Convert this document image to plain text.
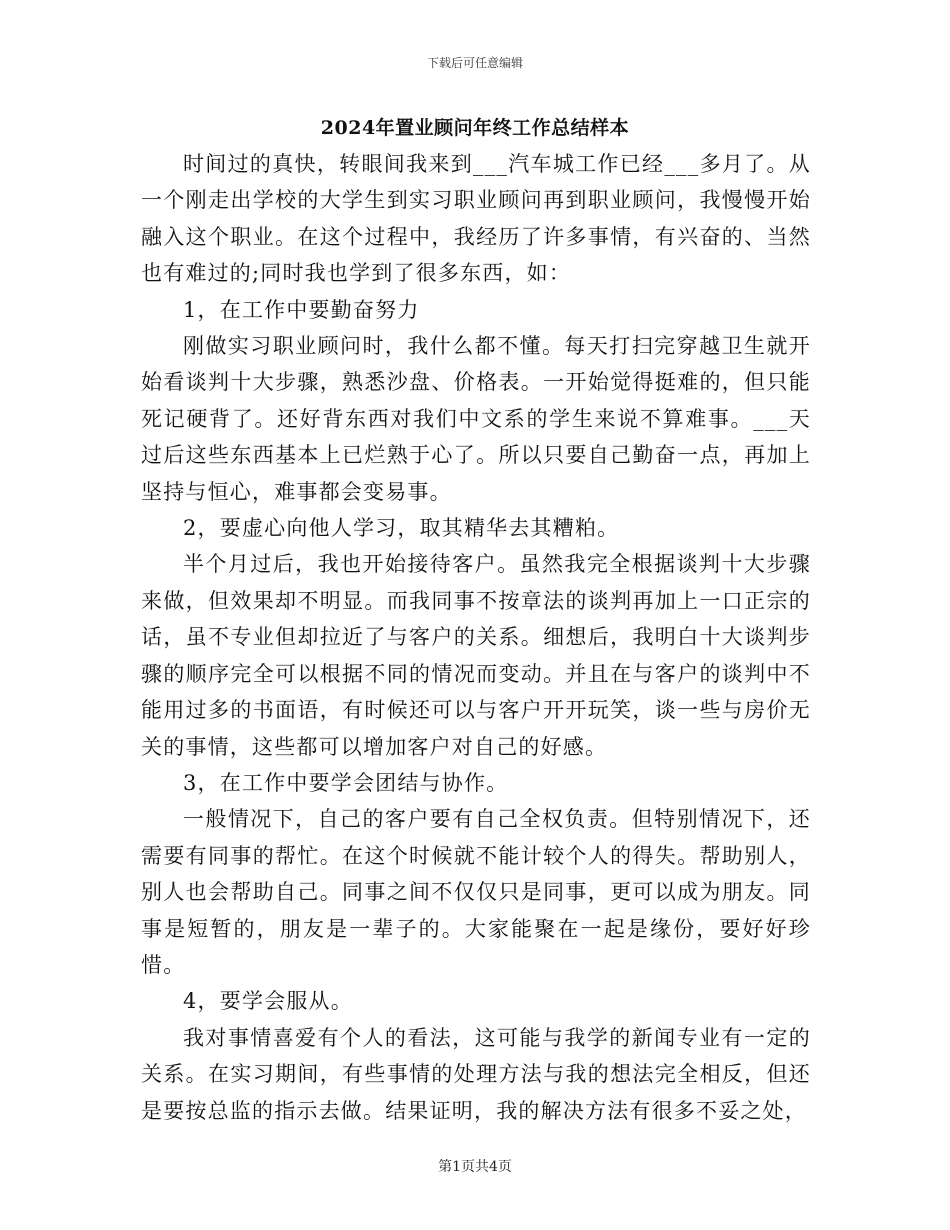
下载后可任意编辑
2024年置业顾问年终工作总结样本

时间过的真快，转眼间我来到___汽车城工作已经___多月了。从一个刚走出学校的大学生到实习职业顾问再到职业顾问，我慢慢开始融入这个职业。在这个过程中，我经历了许多事情，有兴奋的、当然也有难过的;同时我也学到了很多东西，如：

1，在工作中要勤奋努力

刚做实习职业顾问时，我什么都不懂。每天打扫完穿越卫生就开始看谈判十大步骤，熟悉沙盘、价格表。一开始觉得挺难的，但只能死记硬背了。还好背东西对我们中文系的学生来说不算难事。___天过后这些东西基本上已烂熟于心了。所以只要自己勤奋一点，再加上坚持与恒心，难事都会变易事。

2，要虚心向他人学习，取其精华去其糟粕。

半个月过后，我也开始接待客户。虽然我完全根据谈判十大步骤来做，但效果却不明显。而我同事不按章法的谈判再加上一口正宗的话，虽不专业但却拉近了与客户的关系。细想后，我明白十大谈判步骤的顺序完全可以根据不同的情况而变动。并且在与客户的谈判中不能用过多的书面语，有时候还可以与客户开开玩笑，谈一些与房价无关的事情，这些都可以增加客户对自己的好感。

3，在工作中要学会团结与协作。

一般情况下，自己的客户要有自己全权负责。但特别情况下，还需要有同事的帮忙。在这个时候就不能计较个人的得失。帮助别人，别人也会帮助自己。同事之间不仅仅只是同事，更可以成为朋友。同事是短暂的，朋友是一辈子的。大家能聚在一起是缘份，要好好珍惜。

4，要学会服从。

我对事情喜爱有个人的看法，这可能与我学的新闻专业有一定的关系。在实习期间，有些事情的处理方法与我的想法完全相反，但还是要按总监的指示去做。结果证明，我的解决方法有很多不妥之处，

第1页共4页
